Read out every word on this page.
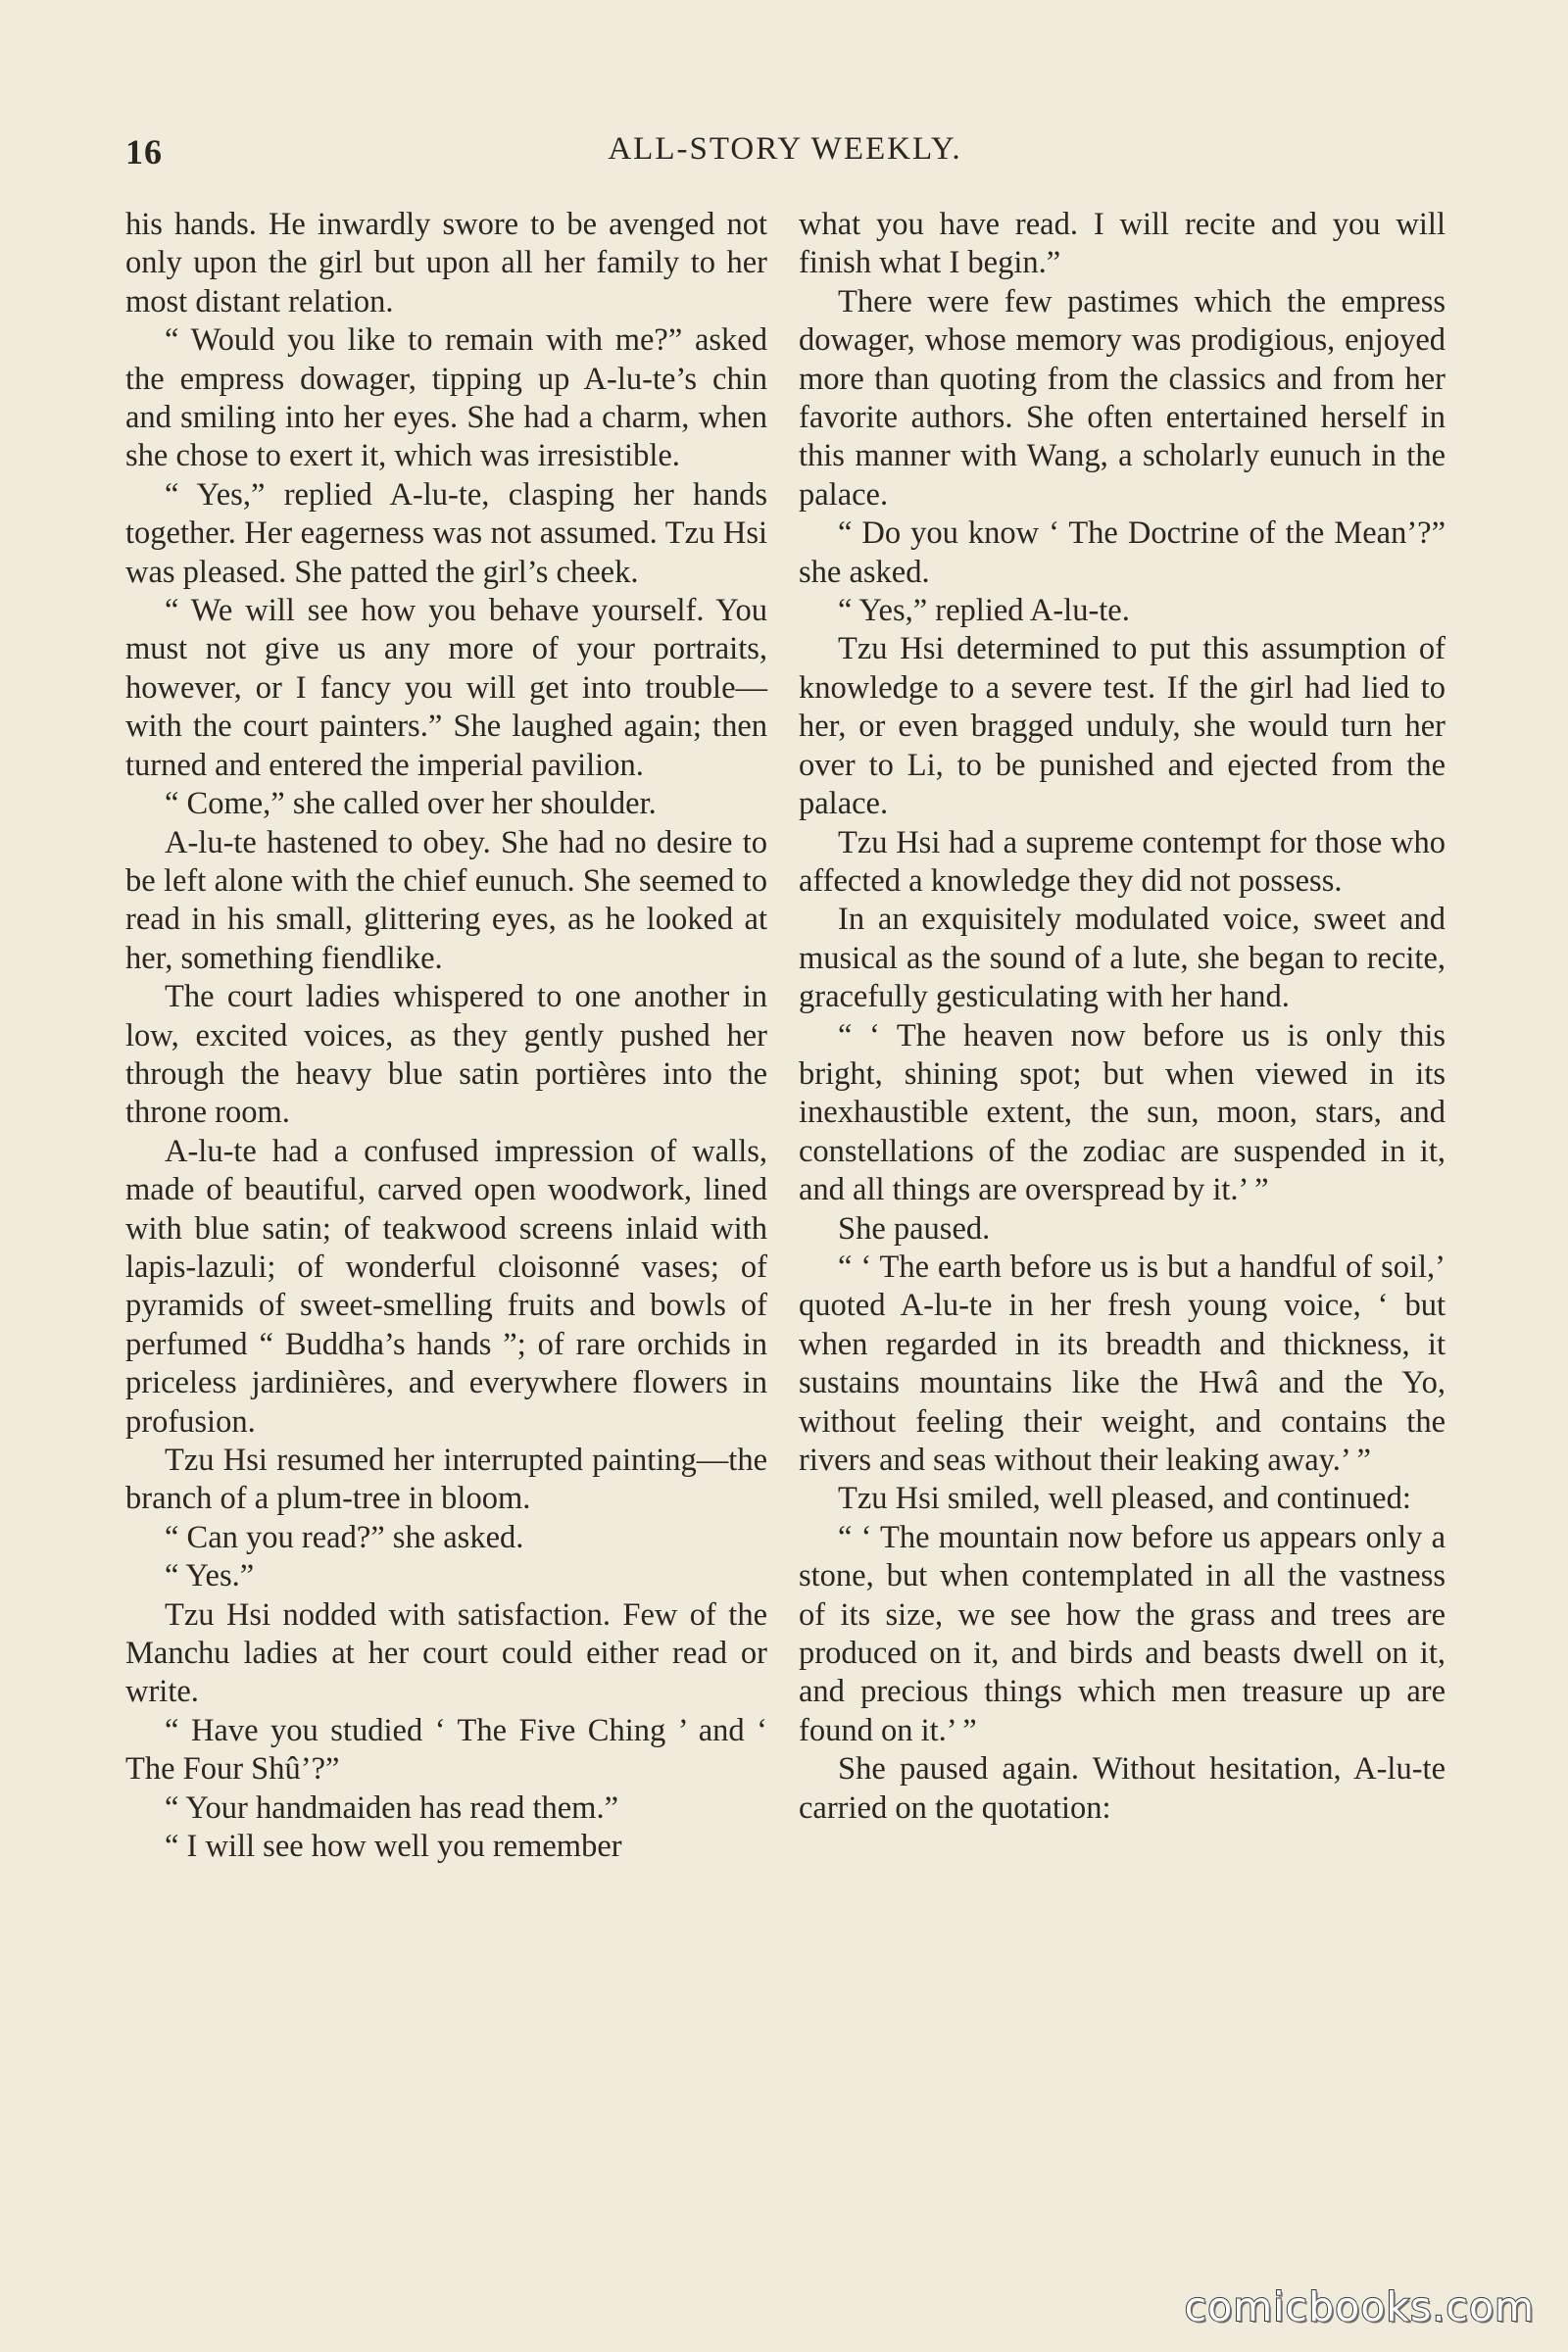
16	ALL-STORY WEEKLY.

his hands. He inwardly swore to be avenged not only upon the girl but upon all her family to her most distant relation.

“ Would you like to remain with me?” asked the empress dowager, tipping up A-lu-te’s chin and smiling into her eyes. She had a charm, when she chose to exert it, which was irresistible.

“ Yes,” replied A-lu-te, clasping her hands together. Her eagerness was not assumed. Tzu Hsi was pleased. She patted the girl’s cheek.

“ We will see how you behave yourself. You must not give us any more of your portraits, however, or I fancy you will get into trouble—with the court painters.” She laughed again; then turned and entered the imperial pavilion.

“ Come,” she called over her shoulder.

A-lu-te hastened to obey. She had no desire to be left alone with the chief eunuch. She seemed to read in his small, glittering eyes, as he looked at her, something fiendlike.

The court ladies whispered to one another in low, excited voices, as they gently pushed her through the heavy blue satin portières into the throne room.

A-lu-te had a confused impression of walls, made of beautiful, carved open woodwork, lined with blue satin; of teakwood screens inlaid with lapis-lazuli; of wonderful cloisonné vases; of pyramids of sweet-smelling fruits and bowls of perfumed “ Buddha’s hands ”; of rare orchids in priceless jardinières, and everywhere flowers in profusion.

Tzu Hsi resumed her interrupted painting—the branch of a plum-tree in bloom.

“ Can you read?” she asked.

“ Yes.”

Tzu Hsi nodded with satisfaction. Few of the Manchu ladies at her court could either read or write.

“ Have you studied ‘ The Five Ching ’ and ‘ The Four Shû’?”

“ Your handmaiden has read them.”

“ I will see how well you remember

what you have read. I will recite and you will finish what I begin.”

There were few pastimes which the empress dowager, whose memory was prodigious, enjoyed more than quoting from the classics and from her favorite authors. She often entertained herself in this manner with Wang, a scholarly eunuch in the palace.

“ Do you know ‘ The Doctrine of the Mean’?” she asked.

“ Yes,” replied A-lu-te.

Tzu Hsi determined to put this assumption of knowledge to a severe test. If the girl had lied to her, or even bragged unduly, she would turn her over to Li, to be punished and ejected from the palace.

Tzu Hsi had a supreme contempt for those who affected a knowledge they did not possess.

In an exquisitely modulated voice, sweet and musical as the sound of a lute, she began to recite, gracefully gesticulating with her hand.

“ ‘ The heaven now before us is only this bright, shining spot; but when viewed in its inexhaustible extent, the sun, moon, stars, and constellations of the zodiac are suspended in it, and all things are overspread by it.’ ”

She paused.

“ ‘ The earth before us is but a handful of soil,’ quoted A-lu-te in her fresh young voice, ‘ but when regarded in its breadth and thickness, it sustains mountains like the Hwâ and the Yo, without feeling their weight, and contains the rivers and seas without their leaking away.’ ”

Tzu Hsi smiled, well pleased, and continued:

“ ‘ The mountain now before us appears only a stone, but when contemplated in all the vastness of its size, we see how the grass and trees are produced on it, and birds and beasts dwell on it, and precious things which men treasure up are found on it.’ ”

She paused again. Without hesitation, A-lu-te carried on the quotation:

comicbooks.com
